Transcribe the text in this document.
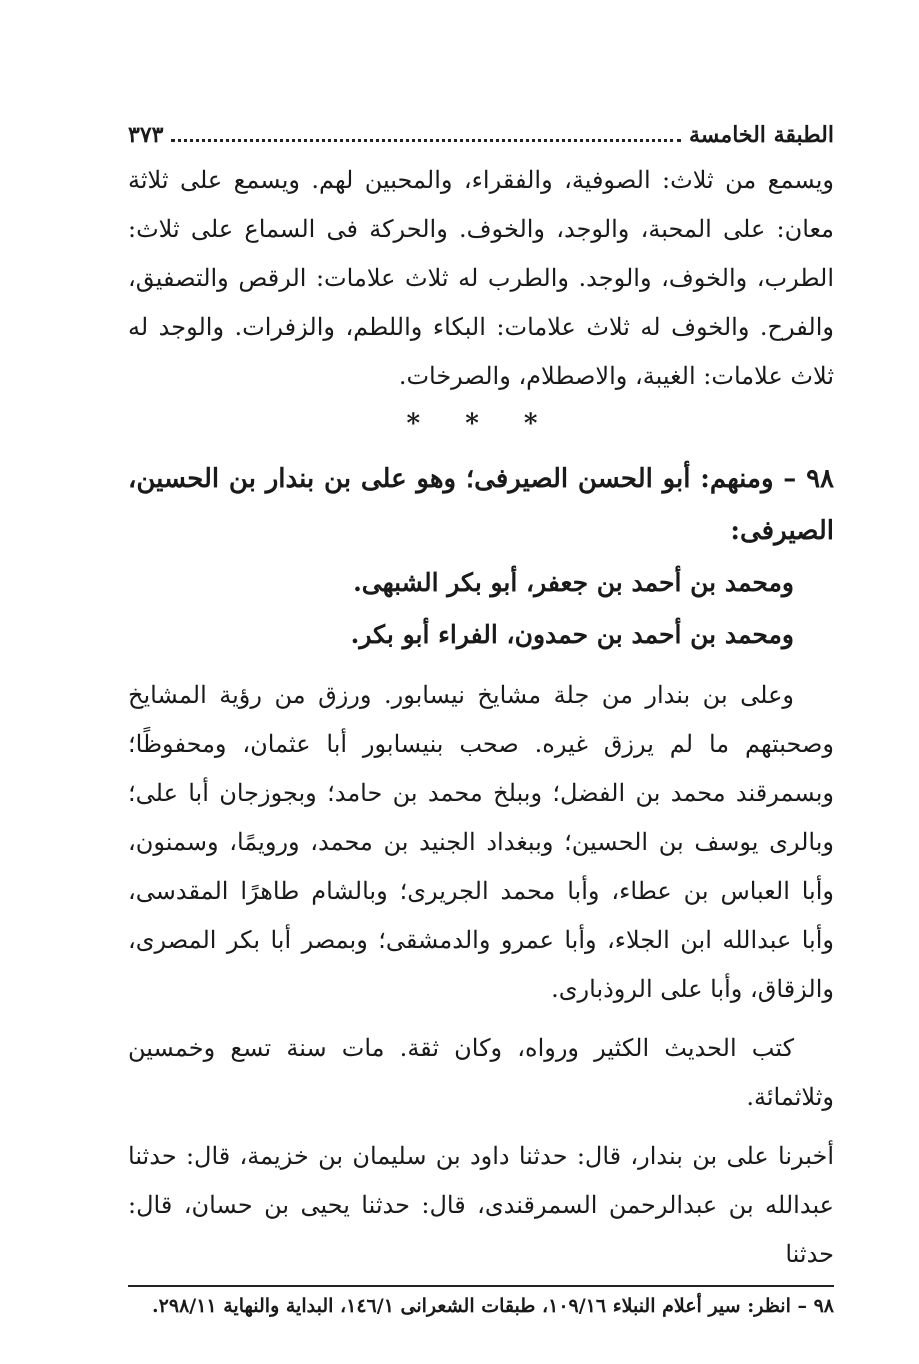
الطبقة الخامسة
٣٧٣

ويسمع من ثلاث: الصوفية، والفقراء، والمحبين لهم. ويسمع على ثلاثة معان: على المحبة، والوجد، والخوف. والحركة فى السماع على ثلاث: الطرب، والخوف، والوجد. والطرب له ثلاث علامات: الرقص والتصفيق، والفرح. والخوف له ثلاث علامات: البكاء واللطم، والزفرات. والوجد له ثلاث علامات: الغيبة، والاصطلام، والصرخات.

* * *

٩٨ – ومنهم: أبو الحسن الصيرفى؛ وهو على بن بندار بن الحسين، الصيرفى:

ومحمد بن أحمد بن جعفر، أبو بكر الشبهى.

ومحمد بن أحمد بن حمدون، الفراء أبو بكر.

وعلى بن بندار من جلة مشايخ نيسابور. ورزق من رؤية المشايخ وصحبتهم ما لم يرزق غيره. صحب بنيسابور أبا عثمان، ومحفوظًا؛ وبسمرقند محمد بن الفضل؛ وببلخ محمد بن حامد؛ وبجوزجان أبا على؛ وبالرى يوسف بن الحسين؛ وببغداد الجنيد بن محمد، ورويمًا، وسمنون، وأبا العباس بن عطاء، وأبا محمد الجريرى؛ وبالشام طاهرًا المقدسى، وأبا عبدالله ابن الجلاء، وأبا عمرو والدمشقى؛ وبمصر أبا بكر المصرى، والزقاق، وأبا على الروذبارى.

كتب الحديث الكثير ورواه، وكان ثقة. مات سنة تسع وخمسين وثلاثمائة.

أخبرنا على بن بندار، قال: حدثنا داود بن سليمان بن خزيمة، قال: حدثنا عبدالله بن عبدالرحمن السمرقندى، قال: حدثنا يحيى بن حسان، قال: حدثنا

٩٨ – انظر: سير أعلام النبلاء ١٠٩/١٦، طبقات الشعرانى ١٤٦/١، البداية والنهاية ٢٩٨/١١.
